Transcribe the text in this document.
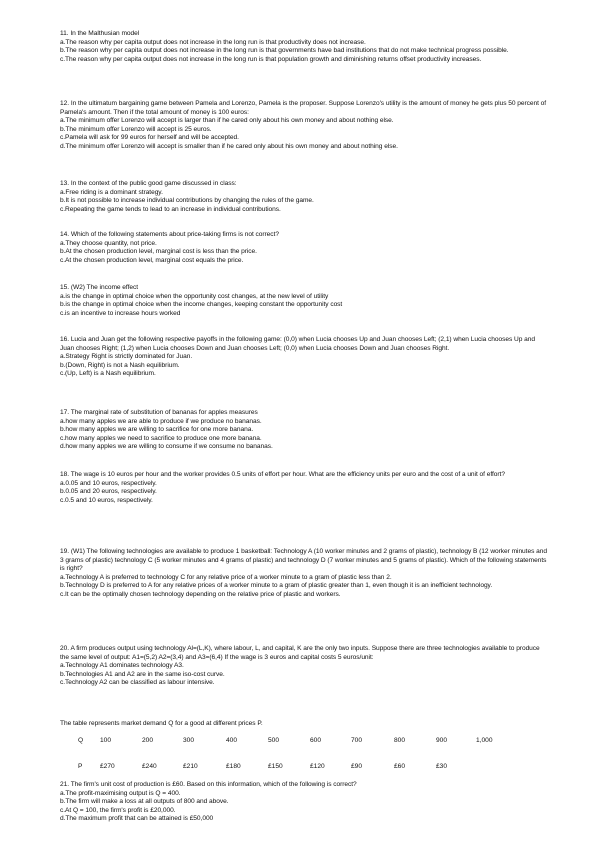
11. In the Malthusian model
a.The reason why per capita output does not increase in the long run is that productivity does not increase.
b.The reason why per capita output does not increase in the long run is that governments have bad institutions that do not make technical progress possible.
c.The reason why per capita output does not increase in the long run is that population growth and diminishing returns offset productivity increases.
12. In the ultimatum bargaining game between Pamela and Lorenzo, Pamela is the proposer. Suppose Lorenzo's utility is the amount of money he gets plus 50 percent of Pamela's amount. Then if the total amount of money is 100 euros:
a.The minimum offer Lorenzo will accept is larger than if he cared only about his own money and about nothing else.
b.The minimum offer Lorenzo will accept is 25 euros.
c.Pamela will ask for 99 euros for herself and will be accepted.
d.The minimum offer Lorenzo will accept is smaller than if he cared only about his own money and about nothing else.
13. In the context of the public good game discussed in class:
a.Free riding is a dominant strategy.
b.It is not possible to increase individual contributions by changing the rules of the game.
c.Repeating the game tends to lead to an increase in individual contributions.
14. Which of the following statements about price-taking firms is not correct?
a.They choose quantity, not price.
b.At the chosen production level, marginal cost is less than the price.
c.At the chosen production level, marginal cost equals the price.
15. (W2) The income effect
a.is the change in optimal choice when the opportunity cost changes, at the new level of utility
b.is the change in optimal choice when the income changes, keeping constant the opportunity cost
c.is an incentive to increase hours worked
16. Lucia and Juan get the following respective payoffs in the following game: (0,0) when Lucia chooses Up and Juan chooses Left; (2,1) when Lucia chooses Up and Juan chooses Right; (1,2) when Lucia chooses Down and Juan chooses Left; (0,0) when Lucia chooses Down and Juan chooses Right.
a.Strategy Right is strictly dominated for Juan.
b.(Down, Right) is not a Nash equilibrium.
c.(Up, Left) is a Nash equilibrium.
17. The marginal rate of substitution of bananas for apples measures
a.how many apples we are able to produce if we produce no bananas.
b.how many apples we are willing to sacrifice for one more banana.
c.how many apples we need to sacrifice to produce one more banana.
d.how many apples we are willing to consume if we consume no bananas.
18. The wage is 10 euros per hour and the worker provides 0.5 units of effort per hour. What are the efficiency units per euro and the cost of a unit of effort?
a.0.05 and 10 euros, respectively.
b.0.05 and 20 euros, respectively.
c.0.5 and 10 euros, respectively.
19. (W1) The following technologies are available to produce 1 basketball: Technology A (10 worker minutes and 2 grams of plastic), technology B (12 worker minutes and 3 grams of plastic) technology C (5 worker minutes and 4 grams of plastic) and technology D (7 worker minutes and 5 grams of plastic). Which of the following statements is right?
a.Technology A is preferred to technology C for any relative price of a worker minute to a gram of plastic less than 2.
b.Technology D is preferred to A for any relative prices of a worker minute to a gram of plastic greater than 1, even though it is an inefficient technology.
c.It can be the optimally chosen technology depending on the relative price of plastic and workers.
20. A firm produces output using technology Al=(L,K), where labour, L, and capital, K are the only two inputs. Suppose there are three technologies available to produce the same level of output: A1=(5,2) A2=(3,4) and A3=(6,4) If the wage is 3 euros and capital costs 5 euros/unit:
a.Technology A1 dominates technology A3.
b.Technologies A1 and A2 are in the same iso-cost curve.
c.Technology A2 can be classified as labour intensive.
The table represents market demand Q for a good at different prices P.
Q	100	200	300	400	500	600	700	800	900	1,000
P	£270	£240	£210	£180	£150	£120	£90	£60	£30
21. The firm's unit cost of production is £60. Based on this information, which of the following is correct?
a.The profit-maximising output is Q = 400.
b.The firm will make a loss at all outputs of 800 and above.
c.At Q = 100, the firm's profit is £20,000.
d.The maximum profit that can be attained is £50,000
